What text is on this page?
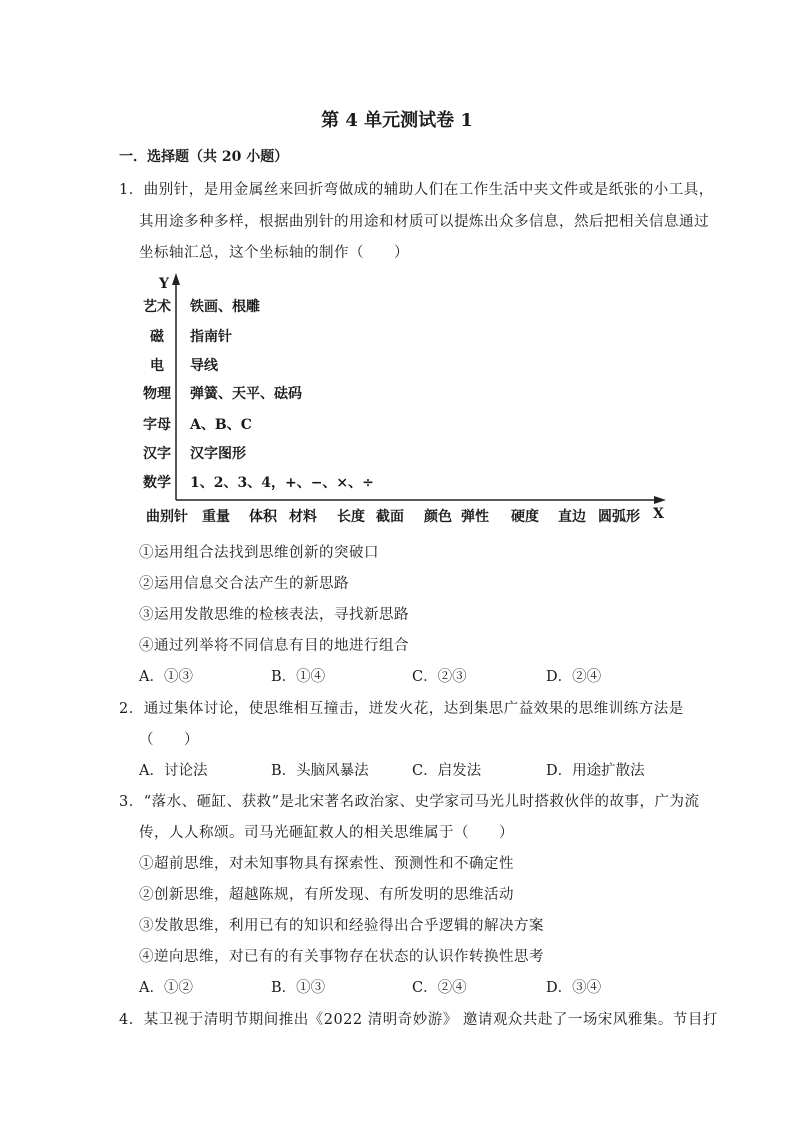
第 4 单元测试卷 1
一．选择题（共 20 小题）
1．曲别针，是用金属丝来回折弯做成的辅助人们在工作生活中夹文件或是纸张的小工具，
其用途多种多样，根据曲别针的用途和材质可以提炼出众多信息，然后把相关信息通过
坐标轴汇总，这个坐标轴的制作（　　）
Y
艺术 铁画、根雕
磁 指南针
电 导线
物理 弹簧、天平、砝码
字母 A、B、C
汉字 汉字图形
数学 1、2、3、4，+、−、×、÷
曲别针 重量 体积 材料 长度 截面 颜色 弹性 硬度 直边 圆弧形 X
①运用组合法找到思维创新的突破口
②运用信息交合法产生的新思路
③运用发散思维的检核表法，寻找新思路
④通过列举将不同信息有目的地进行组合
A．①③	B．①④	C．②③	D．②④
2．通过集体讨论，使思维相互撞击，迸发火花，达到集思广益效果的思维训练方法是
（　　）
A．讨论法	B．头脑风暴法	C．启发法	D．用途扩散法
3．“落水、砸缸、获救”是北宋著名政治家、史学家司马光儿时搭救伙伴的故事，广为流
传，人人称颂。司马光砸缸救人的相关思维属于（　　）
①超前思维，对未知事物具有探索性、预测性和不确定性
②创新思维，超越陈规，有所发现、有所发明的思维活动
③发散思维，利用已有的知识和经验得出合乎逻辑的解决方案
④逆向思维，对已有的有关事物存在状态的认识作转换性思考
A．①②	B．①③	C．②④	D．③④
4．某卫视于清明节期间推出《2022 清明奇妙游》 邀请观众共赴了一场宋风雅集。节目打
